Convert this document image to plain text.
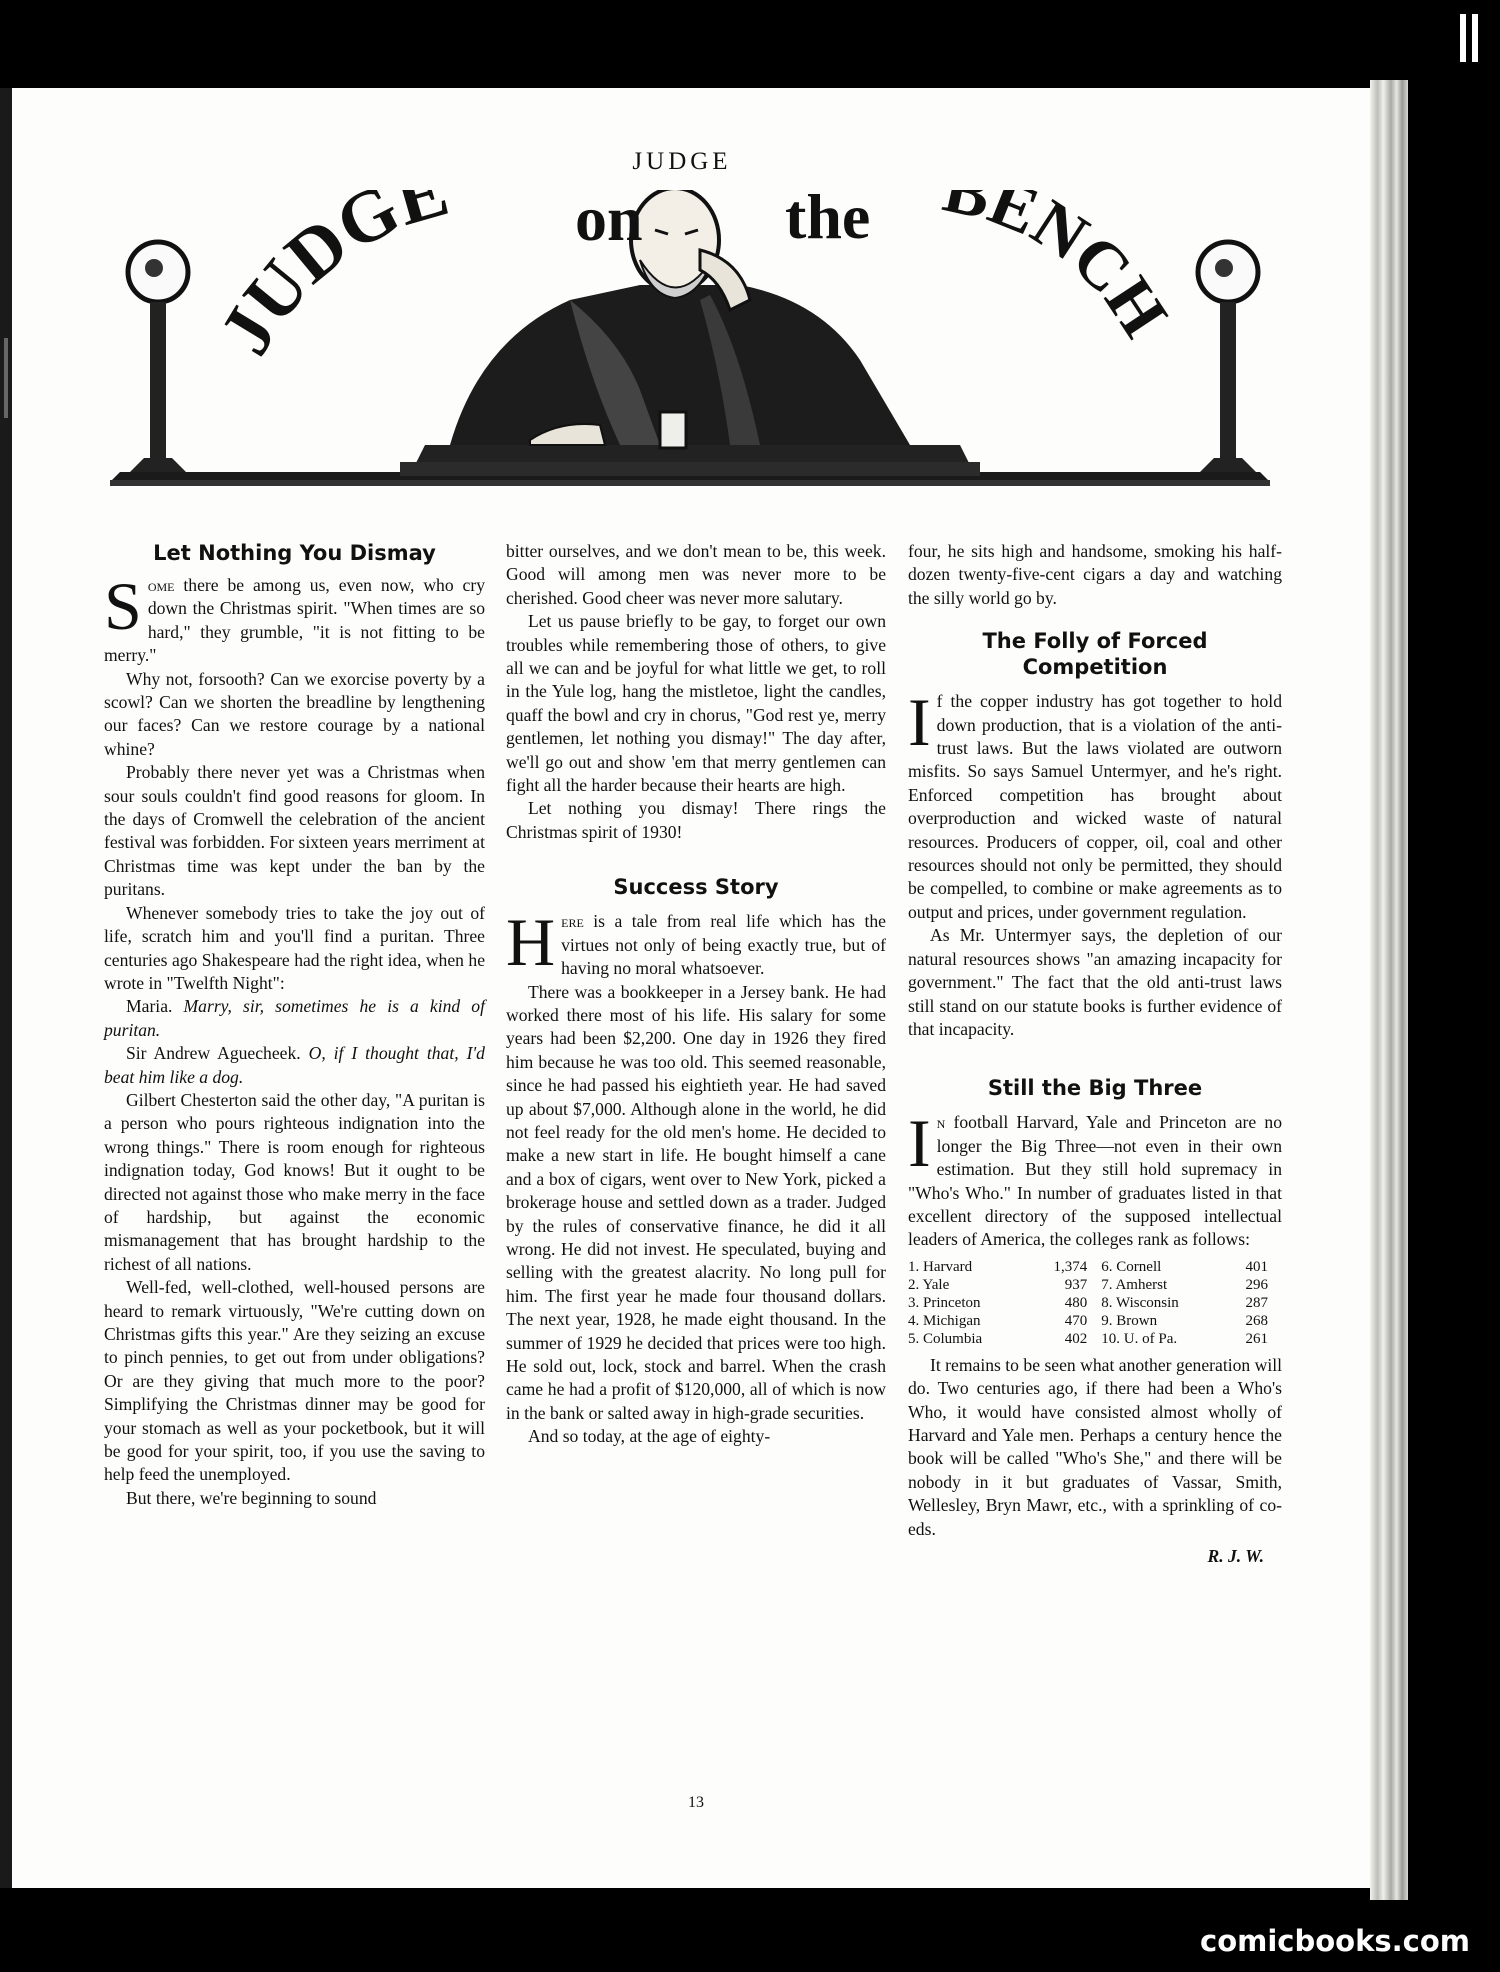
JUDGE
JUDGE on the BENCH
Let Nothing You Dismay

Some there be among us, even now, who cry down the Christmas spirit. "When times are so hard," they grumble, "it is not fitting to be merry."

Why not, forsooth? Can we exorcise poverty by a scowl? Can we shorten the breadline by lengthening our faces? Can we restore courage by a national whine?

Probably there never yet was a Christmas when sour souls couldn't find good reasons for gloom. In the days of Cromwell the celebration of the ancient festival was forbidden. For sixteen years merriment at Christmas time was kept under the ban by the puritans.

Whenever somebody tries to take the joy out of life, scratch him and you'll find a puritan. Three centuries ago Shakespeare had the right idea, when he wrote in "Twelfth Night":

Maria. Marry, sir, sometimes he is a kind of puritan.

Sir Andrew Aguecheek. O, if I thought that, I'd beat him like a dog.

Gilbert Chesterton said the other day, "A puritan is a person who pours righteous indignation into the wrong things." There is room enough for righteous indignation today, God knows! But it ought to be directed not against those who make merry in the face of hardship, but against the economic mismanagement that has brought hardship to the richest of all nations.

Well-fed, well-clothed, well-housed persons are heard to remark virtuously, "We're cutting down on Christmas gifts this year." Are they seizing an excuse to pinch pennies, to get out from under obligations? Or are they giving that much more to the poor? Simplifying the Christmas dinner may be good for your stomach as well as your pocketbook, but it will be good for your spirit, too, if you use the saving to help feed the unemployed.

But there, we're beginning to sound

bitter ourselves, and we don't mean to be, this week. Good will among men was never more to be cherished. Good cheer was never more salutary.

Let us pause briefly to be gay, to forget our own troubles while remembering those of others, to give all we can and be joyful for what little we get, to roll in the Yule log, hang the mistletoe, light the candles, quaff the bowl and cry in chorus, "God rest ye, merry gentlemen, let nothing you dismay!" The day after, we'll go out and show 'em that merry gentlemen can fight all the harder because their hearts are high.

Let nothing you dismay! There rings the Christmas spirit of 1930!

Success Story

Here is a tale from real life which has the virtues not only of being exactly true, but of having no moral whatsoever.

There was a bookkeeper in a Jersey bank. He had worked there most of his life. His salary for some years had been $2,200. One day in 1926 they fired him because he was too old. This seemed reasonable, since he had passed his eightieth year. He had saved up about $7,000. Although alone in the world, he did not feel ready for the old men's home. He decided to make a new start in life. He bought himself a cane and a box of cigars, went over to New York, picked a brokerage house and settled down as a trader. Judged by the rules of conservative finance, he did it all wrong. He did not invest. He speculated, buying and selling with the greatest alacrity. No long pull for him. The first year he made four thousand dollars. The next year, 1928, he made eight thousand. In the summer of 1929 he decided that prices were too high. He sold out, lock, stock and barrel. When the crash came he had a profit of $120,000, all of which is now in the bank or salted away in high-grade securities.

And so today, at the age of eighty-

four, he sits high and handsome, smoking his half-dozen twenty-five-cent cigars a day and watching the silly world go by.

The Folly of Forced Competition

If the copper industry has got together to hold down production, that is a violation of the anti-trust laws. But the laws violated are outworn misfits. So says Samuel Untermyer, and he's right. Enforced competition has brought about overproduction and wicked waste of natural resources. Producers of copper, oil, coal and other resources should not only be permitted, they should be compelled, to combine or make agreements as to output and prices, under government regulation.

As Mr. Untermyer says, the depletion of our natural resources shows "an amazing incapacity for government." The fact that the old anti-trust laws still stand on our statute books is further evidence of that incapacity.

Still the Big Three

In football Harvard, Yale and Princeton are no longer the Big Three—not even in their own estimation. But they still hold supremacy in "Who's Who." In number of graduates listed in that excellent directory of the supposed intellectual leaders of America, the colleges rank as follows:

1. Harvard	1,374	6. Cornell	401
2. Yale	937	7. Amherst	296
3. Princeton	480	8. Wisconsin	287
4. Michigan	470	9. Brown	268
5. Columbia	402	10. U. of Pa.	261

It remains to be seen what another generation will do. Two centuries ago, if there had been a Who's Who, it would have consisted almost wholly of Harvard and Yale men. Perhaps a century hence the book will be called "Who's She," and there will be nobody in it but graduates of Vassar, Smith, Wellesley, Bryn Mawr, etc., with a sprinkling of co-eds.

R. J. W.
13
comicbooks.com
